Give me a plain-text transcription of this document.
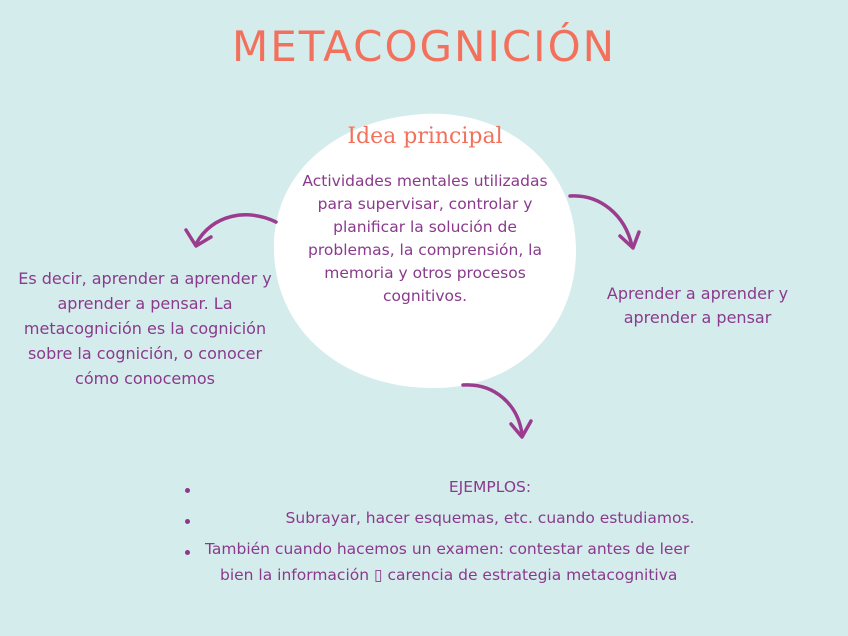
METACOGNICIÓN
Idea principal
Actividades mentales utilizadas para supervisar, controlar y planificar la solución de problemas, la comprensión, la memoria y otros procesos cognitivos.
Es decir, aprender a aprender y aprender a pensar. La metacognición es la cognición sobre la cognición, o conocer cómo conocemos
Aprender a aprender y aprender a pensar
EJEMPLOS:
Subrayar, hacer esquemas, etc. cuando estudiamos.
También cuando hacemos un examen: contestar antes de leer
bien la información ▯ carencia de estrategia metacognitiva
